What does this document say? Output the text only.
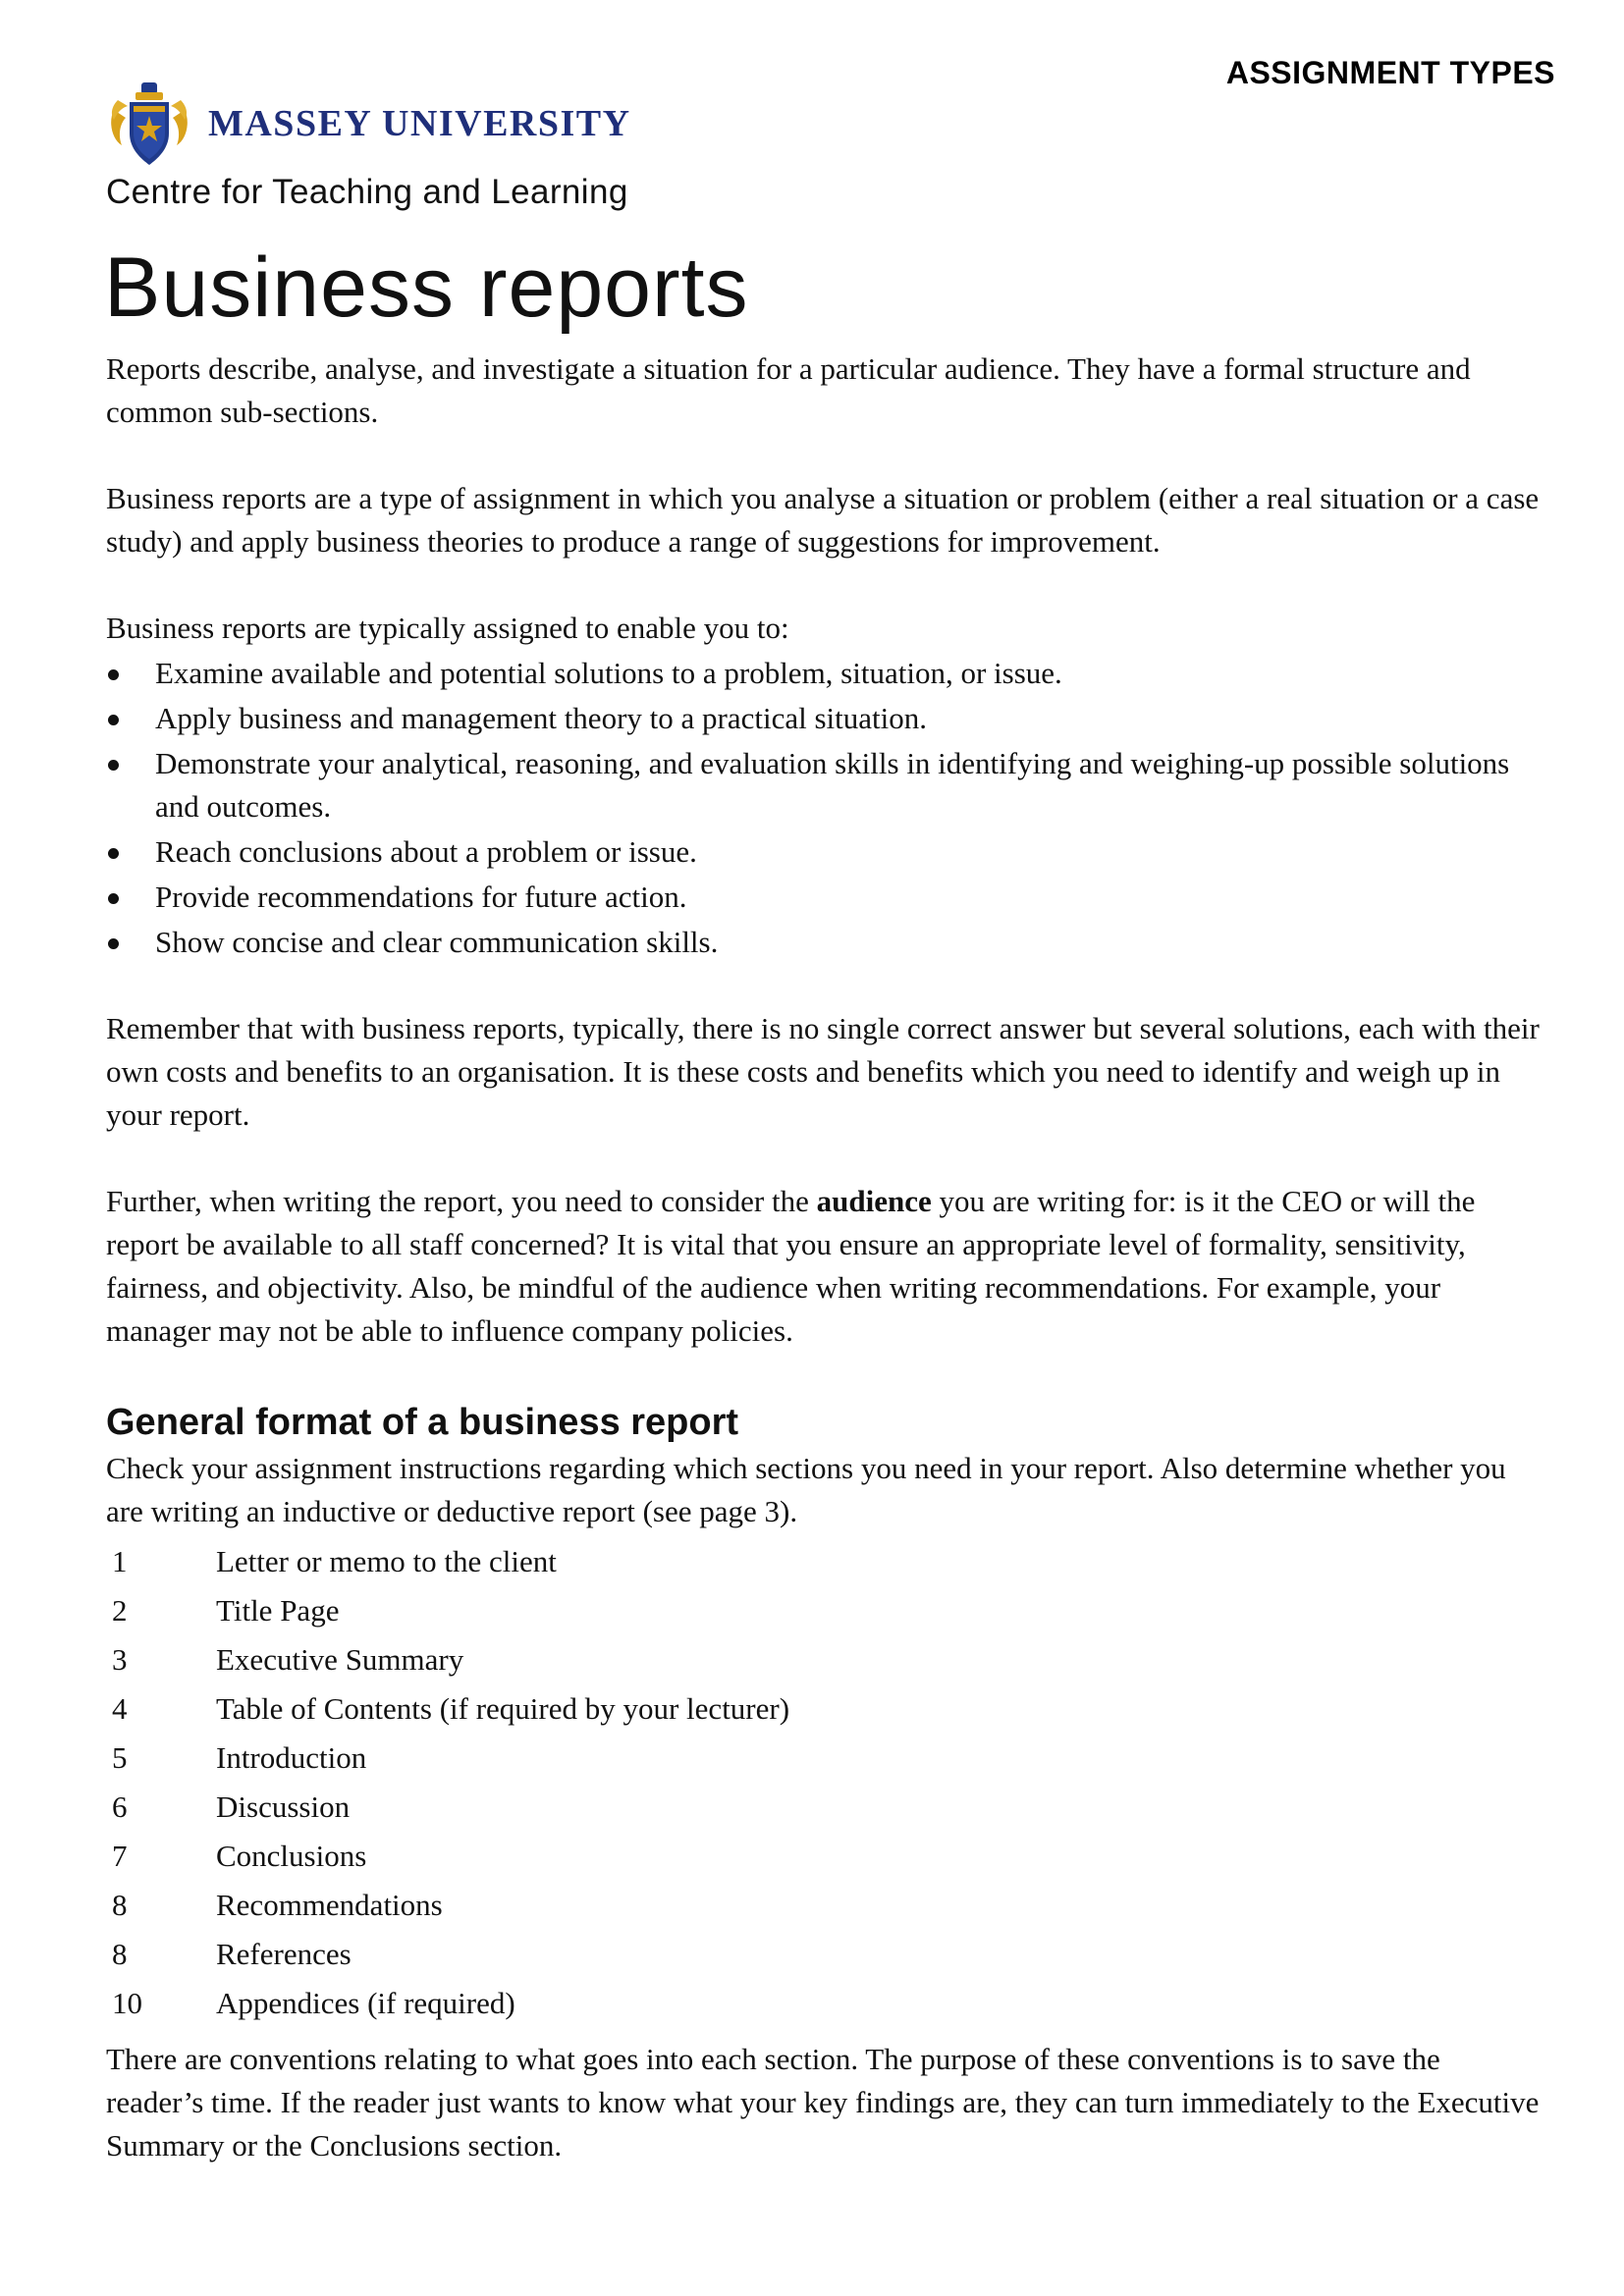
ASSIGNMENT TYPES

MASSEY UNIVERSITY

Centre for Teaching and Learning

Business reports

Reports describe, analyse, and investigate a situation for a particular audience. They have a formal structure and common sub-sections.

Business reports are a type of assignment in which you analyse a situation or problem (either a real situation or a case study) and apply business theories to produce a range of suggestions for improvement.

Business reports are typically assigned to enable you to:

Examine available and potential solutions to a problem, situation, or issue.
Apply business and management theory to a practical situation.
Demonstrate your analytical, reasoning, and evaluation skills in identifying and weighing-up possible solutions and outcomes.
Reach conclusions about a problem or issue.
Provide recommendations for future action.
Show concise and clear communication skills.

Remember that with business reports, typically, there is no single correct answer but several solutions, each with their own costs and benefits to an organisation. It is these costs and benefits which you need to identify and weigh up in your report.

Further, when writing the report, you need to consider the audience you are writing for: is it the CEO or will the report be available to all staff concerned? It is vital that you ensure an appropriate level of formality, sensitivity, fairness, and objectivity. Also, be mindful of the audience when writing recommendations. For example, your manager may not be able to influence company policies.

General format of a business report

Check your assignment instructions regarding which sections you need in your report. Also determine whether you are writing an inductive or deductive report (see page 3).

1	Letter or memo to the client
2	Title Page
3	Executive Summary
4	Table of Contents (if required by your lecturer)
5	Introduction
6	Discussion
7	Conclusions
8	Recommendations
8	References
10	Appendices (if required)

There are conventions relating to what goes into each section. The purpose of these conventions is to save the reader’s time. If the reader just wants to know what your key findings are, they can turn immediately to the Executive Summary or the Conclusions section.
